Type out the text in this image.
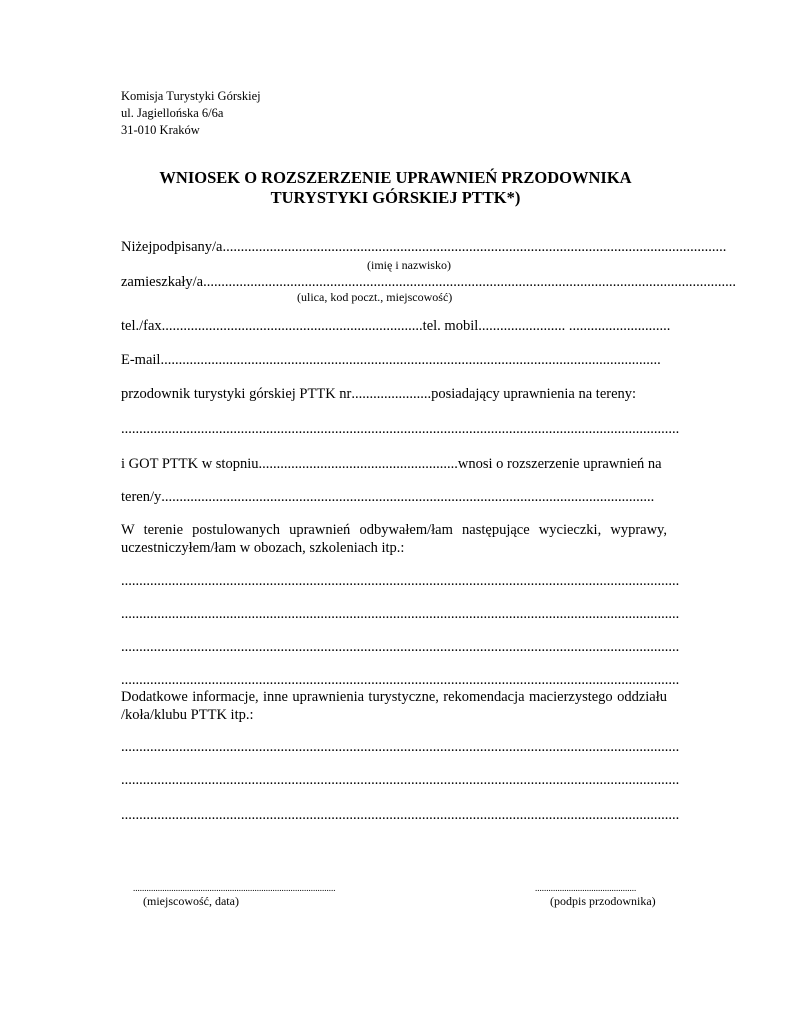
Komisja Turystyki Górskiej
ul. Jagiellońska 6/6a
31-010 Kraków
WNIOSEK O ROZSZERZENIE UPRAWNIEŃ PRZODOWNIKA
TURYSTYKI GÓRSKIEJ PTTK*)
Niżejpodpisany/a ...........................................................................................................................................
(imię i nazwisko)
zamieszkały/a ...................................................................................................................................................
(ulica, kod poczt., miejscowość)
tel./fax ........................................................................ tel. mobil ........................ ............................
E-mail ..........................................................................................................................................
przodownik turystyki górskiej PTTK nr ...................... posiadający uprawnienia na tereny:
..........................................................................................................................................................
i GOT PTTK w stopniu ....................................................... wnosi o rozszerzenie uprawnień na
teren/y ........................................................................................................................................
W terenie postulowanych uprawnień odbywałem/łam następujące wycieczki, wyprawy, uczestniczyłem/łam w obozach, szkoleniach itp.:
..........................................................................................................................................................
..........................................................................................................................................................
..........................................................................................................................................................
..........................................................................................................................................................
Dodatkowe informacje, inne uprawnienia turystyczne, rekomendacja macierzystego oddziału /koła/klubu PTTK itp.:
..........................................................................................................................................................
..........................................................................................................................................................
..........................................................................................................................................................
..........................................................................................
(miejscowość, data)
.............................................
(podpis przodownika)
